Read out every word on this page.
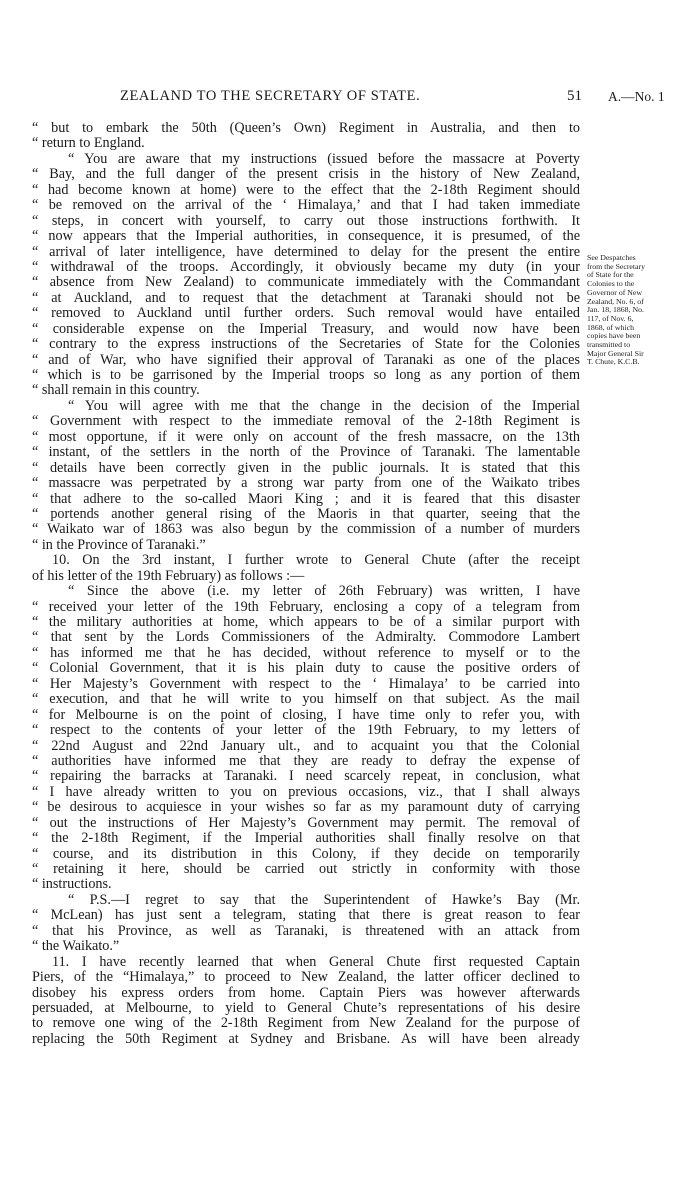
ZEALAND TO THE SECRETARY OF STATE.	51 A.—No. 1
“ but to embark the 50th (Queen’s Own) Regiment in Australia, and then to
“ return to England.
“ You are aware that my instructions (issued before the massacre at Poverty
“ Bay, and the full danger of the present crisis in the history of New Zealand,
“ had become known at home) were to the effect that the 2-18th Regiment should
“ be removed on the arrival of the ‘ Himalaya,’ and that I had taken immediate
“ steps, in concert with yourself, to carry out those instructions forthwith. It
“ now appears that the Imperial authorities, in consequence, it is presumed, of the
“ arrival of later intelligence, have determined to delay for the present the entire
“ withdrawal of the troops. Accordingly, it obviously became my duty (in your
“ absence from New Zealand) to communicate immediately with the Commandant
“ at Auckland, and to request that the detachment at Taranaki should not be
“ removed to Auckland until further orders. Such removal would have entailed
“ considerable expense on the Imperial Treasury, and would now have been
“ contrary to the express instructions of the Secretaries of State for the Colonies
“ and of War, who have signified their approval of Taranaki as one of the places
“ which is to be garrisoned by the Imperial troops so long as any portion of them
“ shall remain in this country.
“ You will agree with me that the change in the decision of the Imperial
“ Government with respect to the immediate removal of the 2-18th Regiment is
“ most opportune, if it were only on account of the fresh massacre, on the 13th
“ instant, of the settlers in the north of the Province of Taranaki. The lamentable
“ details have been correctly given in the public journals. It is stated that this
“ massacre was perpetrated by a strong war party from one of the Waikato tribes
“ that adhere to the so-called Maori King ; and it is feared that this disaster
“ portends another general rising of the Maoris in that quarter, seeing that the
“ Waikato war of 1863 was also begun by the commission of a number of murders
“ in the Province of Taranaki.”
10. On the 3rd instant, I further wrote to General Chute (after the receipt
of his letter of the 19th February) as follows :—
“ Since the above (i.e. my letter of 26th February) was written, I have
“ received your letter of the 19th February, enclosing a copy of a telegram from
“ the military authorities at home, which appears to be of a similar purport with
“ that sent by the Lords Commissioners of the Admiralty. Commodore Lambert
“ has informed me that he has decided, without reference to myself or to the
“ Colonial Government, that it is his plain duty to cause the positive orders of
“ Her Majesty’s Government with respect to the ‘ Himalaya’ to be carried into
“ execution, and that he will write to you himself on that subject. As the mail
“ for Melbourne is on the point of closing, I have time only to refer you, with
“ respect to the contents of your letter of the 19th February, to my letters of
“ 22nd August and 22nd January ult., and to acquaint you that the Colonial
“ authorities have informed me that they are ready to defray the expense of
“ repairing the barracks at Taranaki. I need scarcely repeat, in conclusion, what
“ I have already written to you on previous occasions, viz., that I shall always
“ be desirous to acquiesce in your wishes so far as my paramount duty of carrying
“ out the instructions of Her Majesty’s Government may permit. The removal of
“ the 2-18th Regiment, if the Imperial authorities shall finally resolve on that
“ course, and its distribution in this Colony, if they decide on temporarily
“ retaining it here, should be carried out strictly in conformity with those
“ instructions.
“ P.S.—I regret to say that the Superintendent of Hawke’s Bay (Mr.
“ McLean) has just sent a telegram, stating that there is great reason to fear
“ that his Province, as well as Taranaki, is threatened with an attack from
“ the Waikato.”
11. I have recently learned that when General Chute first requested Captain
Piers, of the “Himalaya,” to proceed to New Zealand, the latter officer declined to
disobey his express orders from home. Captain Piers was however afterwards
persuaded, at Melbourne, to yield to General Chute’s representations of his desire
to remove one wing of the 2-18th Regiment from New Zealand for the purpose of
replacing the 50th Regiment at Sydney and Brisbane. As will have been already
See Despatches
from the Secretary
of State for the
Colonies to the
Governor of New
Zealand, No. 6, of
Jan. 18, 1868, No.
117, of Nov. 6,
1868, of which
copies have been
transmitted to
Major General Sir
T. Chute, K.C.B.
